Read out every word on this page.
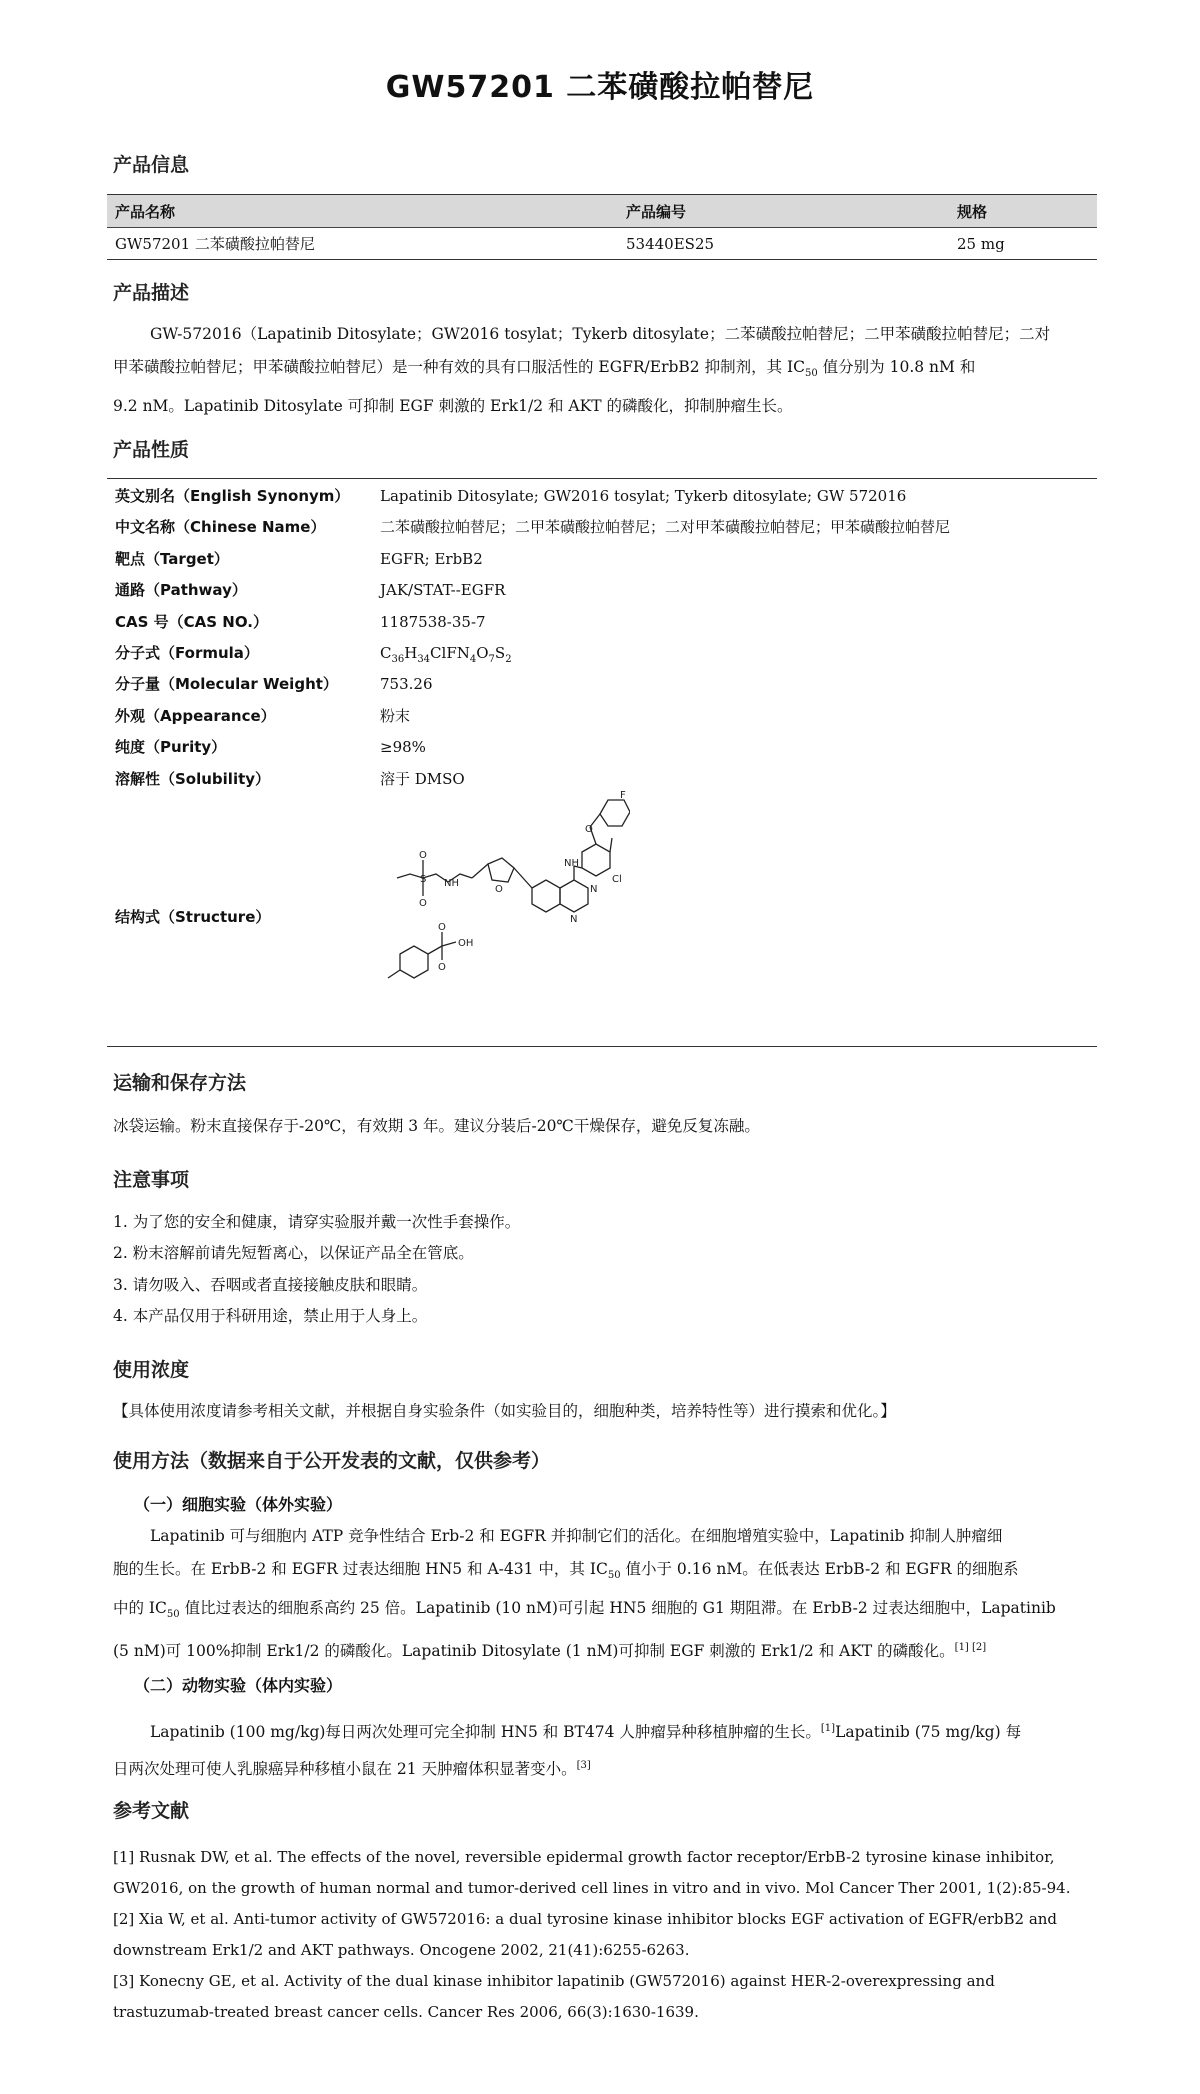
GW57201 二苯磺酸拉帕替尼
产品信息
产品名称	产品编号	规格
GW57201 二苯磺酸拉帕替尼	53440ES25	25 mg
产品描述
GW-572016（Lapatinib Ditosylate；GW2016 tosylat；Tykerb ditosylate；二苯磺酸拉帕替尼；二甲苯磺酸拉帕替尼；二对
甲苯磺酸拉帕替尼；甲苯磺酸拉帕替尼）是一种有效的具有口服活性的 EGFR/ErbB2 抑制剂，其 $IC_{50}$ 值分别为 10.8 nM 和
9.2 nM。Lapatinib Ditosylate 可抑制 EGF 刺激的 Erk1/2 和 AKT 的磷酸化，抑制肿瘤生长。
产品性质
英文别名（English Synonym） Lapatinib Ditosylate; GW2016 tosylat; Tykerb ditosylate; GW 572016
中文名称（Chinese Name）	二苯磺酸拉帕替尼；二甲苯磺酸拉帕替尼；二对甲苯磺酸拉帕替尼；甲苯磺酸拉帕替尼
靶点（Target）	EGFR; ErbB2
通路（Pathway）	JAK/STAT--EGFR
CAS 号（CAS NO.）	1187538-35-7
分子式（Formula）	$C_{36}H_{34}ClFN_4O_7S_2$
分子量（Molecular Weight）	753.26
外观（Appearance）	粉末
纯度（Purity）	≥98%
溶解性（Solubility）	溶于 DMSO
结构式（Structure）
O
S
O
NH
O
NH
N
N
O
F
Cl
O
O
OH
运输和保存方法
冰袋运输。粉末直接保存于-20℃，有效期 3 年。建议分装后-20℃干燥保存，避免反复冻融。
注意事项
1. 为了您的安全和健康，请穿实验服并戴一次性手套操作。
2. 粉末溶解前请先短暂离心，以保证产品全在管底。
3. 请勿吸入、吞咽或者直接接触皮肤和眼睛。
4. 本产品仅用于科研用途，禁止用于人身上。
使用浓度
【具体使用浓度请参考相关文献，并根据自身实验条件（如实验目的，细胞种类，培养特性等）进行摸索和优化。】
使用方法（数据来自于公开发表的文献，仅供参考）
（一）细胞实验（体外实验）
Lapatinib 可与细胞内 ATP 竞争性结合 Erb-2 和 EGFR 并抑制它们的活化。在细胞增殖实验中，Lapatinib 抑制人肿瘤细
胞的生长。在 ErbB-2 和 EGFR 过表达细胞 HN5 和 A-431 中，其 $IC_{50}$ 值小于 0.16 nM。在低表达 ErbB-2 和 EGFR 的细胞系
中的 $IC_{50}$ 值比过表达的细胞系高约 25 倍。Lapatinib (10 nM)可引起 HN5 细胞的 G1 期阻滞。在 ErbB-2 过表达细胞中，Lapatinib
(5 nM)可 100%抑制 Erk1/2 的磷酸化。Lapatinib Ditosylate (1 nM)可抑制 EGF 刺激的 Erk1/2 和 AKT 的磷酸化。[1] [2]
（二）动物实验（体内实验）
Lapatinib (100 mg/kg)每日两次处理可完全抑制 HN5 和 BT474 人肿瘤异种移植肿瘤的生长。[1]Lapatinib (75 mg/kg) 每
日两次处理可使人乳腺癌异种移植小鼠在 21 天肿瘤体积显著变小。[3]
参考文献
[1] Rusnak DW, et al. The effects of the novel, reversible epidermal growth factor receptor/ErbB-2 tyrosine kinase inhibitor,
GW2016, on the growth of human normal and tumor-derived cell lines in vitro and in vivo. Mol Cancer Ther 2001, 1(2):85-94.
[2] Xia W, et al. Anti-tumor activity of GW572016: a dual tyrosine kinase inhibitor blocks EGF activation of EGFR/erbB2 and
downstream Erk1/2 and AKT pathways. Oncogene 2002, 21(41):6255-6263.
[3] Konecny GE, et al. Activity of the dual kinase inhibitor lapatinib (GW572016) against HER-2-overexpressing and
trastuzumab-treated breast cancer cells. Cancer Res 2006, 66(3):1630-1639.
